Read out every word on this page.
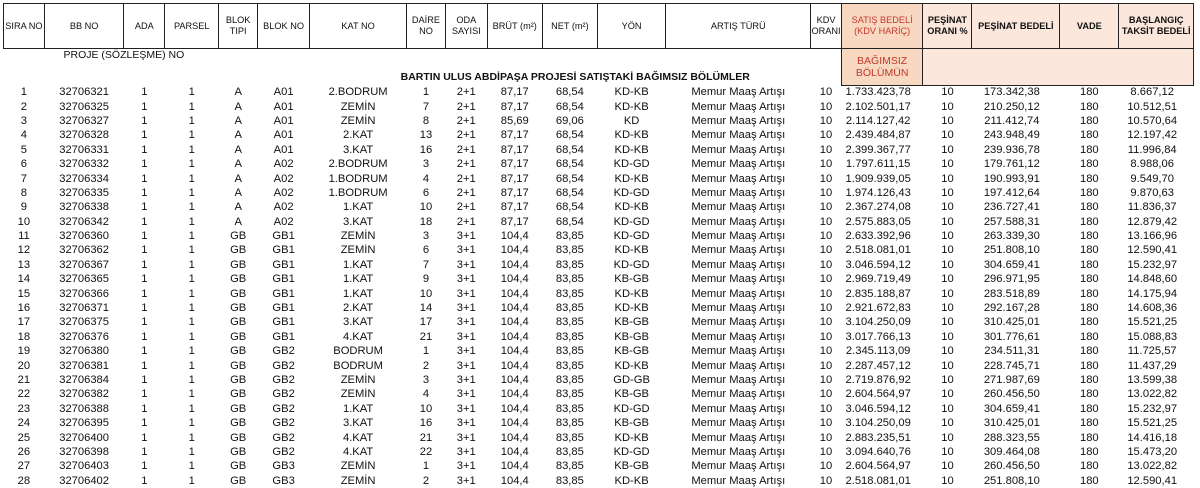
PROJE (SÖZLEŞME) NO						BARTIN ULUS ABDİPAŞA PROJESİ SATIŞTAKİ BAĞIMSIZ BÖLÜMLER								BAĞIMSIZ
BÖLÜMÜN				

SIRA NO	BB NO	ADA	PARSEL	BLOK TIPI	BLOK NO	KAT NO	DAİRE NO	ODA SAYISI	BRÜT (m²)	NET (m²)	YÖN	ARTIŞ TÜRÜ	KDV ORANI	SATIŞ BEDELİ (KDV HARİÇ)	PEŞİNAT ORANI %	PEŞİNAT BEDELİ	VADE	BAŞLANGIÇ TAKSİT BEDELİ
1	32706321	1	1	A	A01	2.BODRUM	1	2+1	87,17	68,54	KD-KB	Memur Maaş Artışı	10	1.733.423,78	10	173.342,38	180	8.667,12
2	32706325	1	1	A	A01	ZEMİN	7	2+1	87,17	68,54	KD-KB	Memur Maaş Artışı	10	2.102.501,17	10	210.250,12	180	10.512,51
3	32706327	1	1	A	A01	ZEMİN	8	2+1	85,69	69,06	KD	Memur Maaş Artışı	10	2.114.127,42	10	211.412,74	180	10.570,64
4	32706328	1	1	A	A01	2.KAT	13	2+1	87,17	68,54	KD-KB	Memur Maaş Artışı	10	2.439.484,87	10	243.948,49	180	12.197,42
5	32706331	1	1	A	A01	3.KAT	16	2+1	87,17	68,54	KD-KB	Memur Maaş Artışı	10	2.399.367,77	10	239.936,78	180	11.996,84
6	32706332	1	1	A	A02	2.BODRUM	3	2+1	87,17	68,54	KD-GD	Memur Maaş Artışı	10	1.797.611,15	10	179.761,12	180	8.988,06
7	32706334	1	1	A	A02	1.BODRUM	4	2+1	87,17	68,54	KD-KB	Memur Maaş Artışı	10	1.909.939,05	10	190.993,91	180	9.549,70
8	32706335	1	1	A	A02	1.BODRUM	6	2+1	87,17	68,54	KD-GD	Memur Maaş Artışı	10	1.974.126,43	10	197.412,64	180	9.870,63
9	32706338	1	1	A	A02	1.KAT	10	2+1	87,17	68,54	KD-KB	Memur Maaş Artışı	10	2.367.274,08	10	236.727,41	180	11.836,37
10	32706342	1	1	A	A02	3.KAT	18	2+1	87,17	68,54	KD-GD	Memur Maaş Artışı	10	2.575.883,05	10	257.588,31	180	12.879,42
11	32706360	1	1	GB	GB1	ZEMİN	3	3+1	104,4	83,85	KD-GD	Memur Maaş Artışı	10	2.633.392,96	10	263.339,30	180	13.166,96
12	32706362	1	1	GB	GB1	ZEMİN	6	3+1	104,4	83,85	KD-KB	Memur Maaş Artışı	10	2.518.081,01	10	251.808,10	180	12.590,41
13	32706367	1	1	GB	GB1	1.KAT	7	3+1	104,4	83,85	KD-GD	Memur Maaş Artışı	10	3.046.594,12	10	304.659,41	180	15.232,97
14	32706365	1	1	GB	GB1	1.KAT	9	3+1	104,4	83,85	KB-GB	Memur Maaş Artışı	10	2.969.719,49	10	296.971,95	180	14.848,60
15	32706366	1	1	GB	GB1	1.KAT	10	3+1	104,4	83,85	KD-KB	Memur Maaş Artışı	10	2.835.188,87	10	283.518,89	180	14.175,94
16	32706371	1	1	GB	GB1	2.KAT	14	3+1	104,4	83,85	KD-KB	Memur Maaş Artışı	10	2.921.672,83	10	292.167,28	180	14.608,36
17	32706375	1	1	GB	GB1	3.KAT	17	3+1	104,4	83,85	KB-GB	Memur Maaş Artışı	10	3.104.250,09	10	310.425,01	180	15.521,25
18	32706376	1	1	GB	GB1	4.KAT	21	3+1	104,4	83,85	KB-GB	Memur Maaş Artışı	10	3.017.766,13	10	301.776,61	180	15.088,83
19	32706380	1	1	GB	GB2	BODRUM	1	3+1	104,4	83,85	KB-GB	Memur Maaş Artışı	10	2.345.113,09	10	234.511,31	180	11.725,57
20	32706381	1	1	GB	GB2	BODRUM	2	3+1	104,4	83,85	KD-KB	Memur Maaş Artışı	10	2.287.457,12	10	228.745,71	180	11.437,29
21	32706384	1	1	GB	GB2	ZEMİN	3	3+1	104,4	83,85	GD-GB	Memur Maaş Artışı	10	2.719.876,92	10	271.987,69	180	13.599,38
22	32706382	1	1	GB	GB2	ZEMİN	4	3+1	104,4	83,85	KB-GB	Memur Maaş Artışı	10	2.604.564,97	10	260.456,50	180	13.022,82
23	32706388	1	1	GB	GB2	1.KAT	10	3+1	104,4	83,85	KD-GD	Memur Maaş Artışı	10	3.046.594,12	10	304.659,41	180	15.232,97
24	32706395	1	1	GB	GB2	3.KAT	16	3+1	104,4	83,85	KB-GB	Memur Maaş Artışı	10	3.104.250,09	10	310.425,01	180	15.521,25
25	32706400	1	1	GB	GB2	4.KAT	21	3+1	104,4	83,85	KD-KB	Memur Maaş Artışı	10	2.883.235,51	10	288.323,55	180	14.416,18
26	32706398	1	1	GB	GB2	4.KAT	22	3+1	104,4	83,85	KD-GD	Memur Maaş Artışı	10	3.094.640,76	10	309.464,08	180	15.473,20
27	32706403	1	1	GB	GB3	ZEMİN	1	3+1	104,4	83,85	KB-GB	Memur Maaş Artışı	10	2.604.564,97	10	260.456,50	180	13.022,82
28	32706402	1	1	GB	GB3	ZEMİN	2	3+1	104,4	83,85	KD-KB	Memur Maaş Artışı	10	2.518.081,01	10	251.808,10	180	12.590,41
